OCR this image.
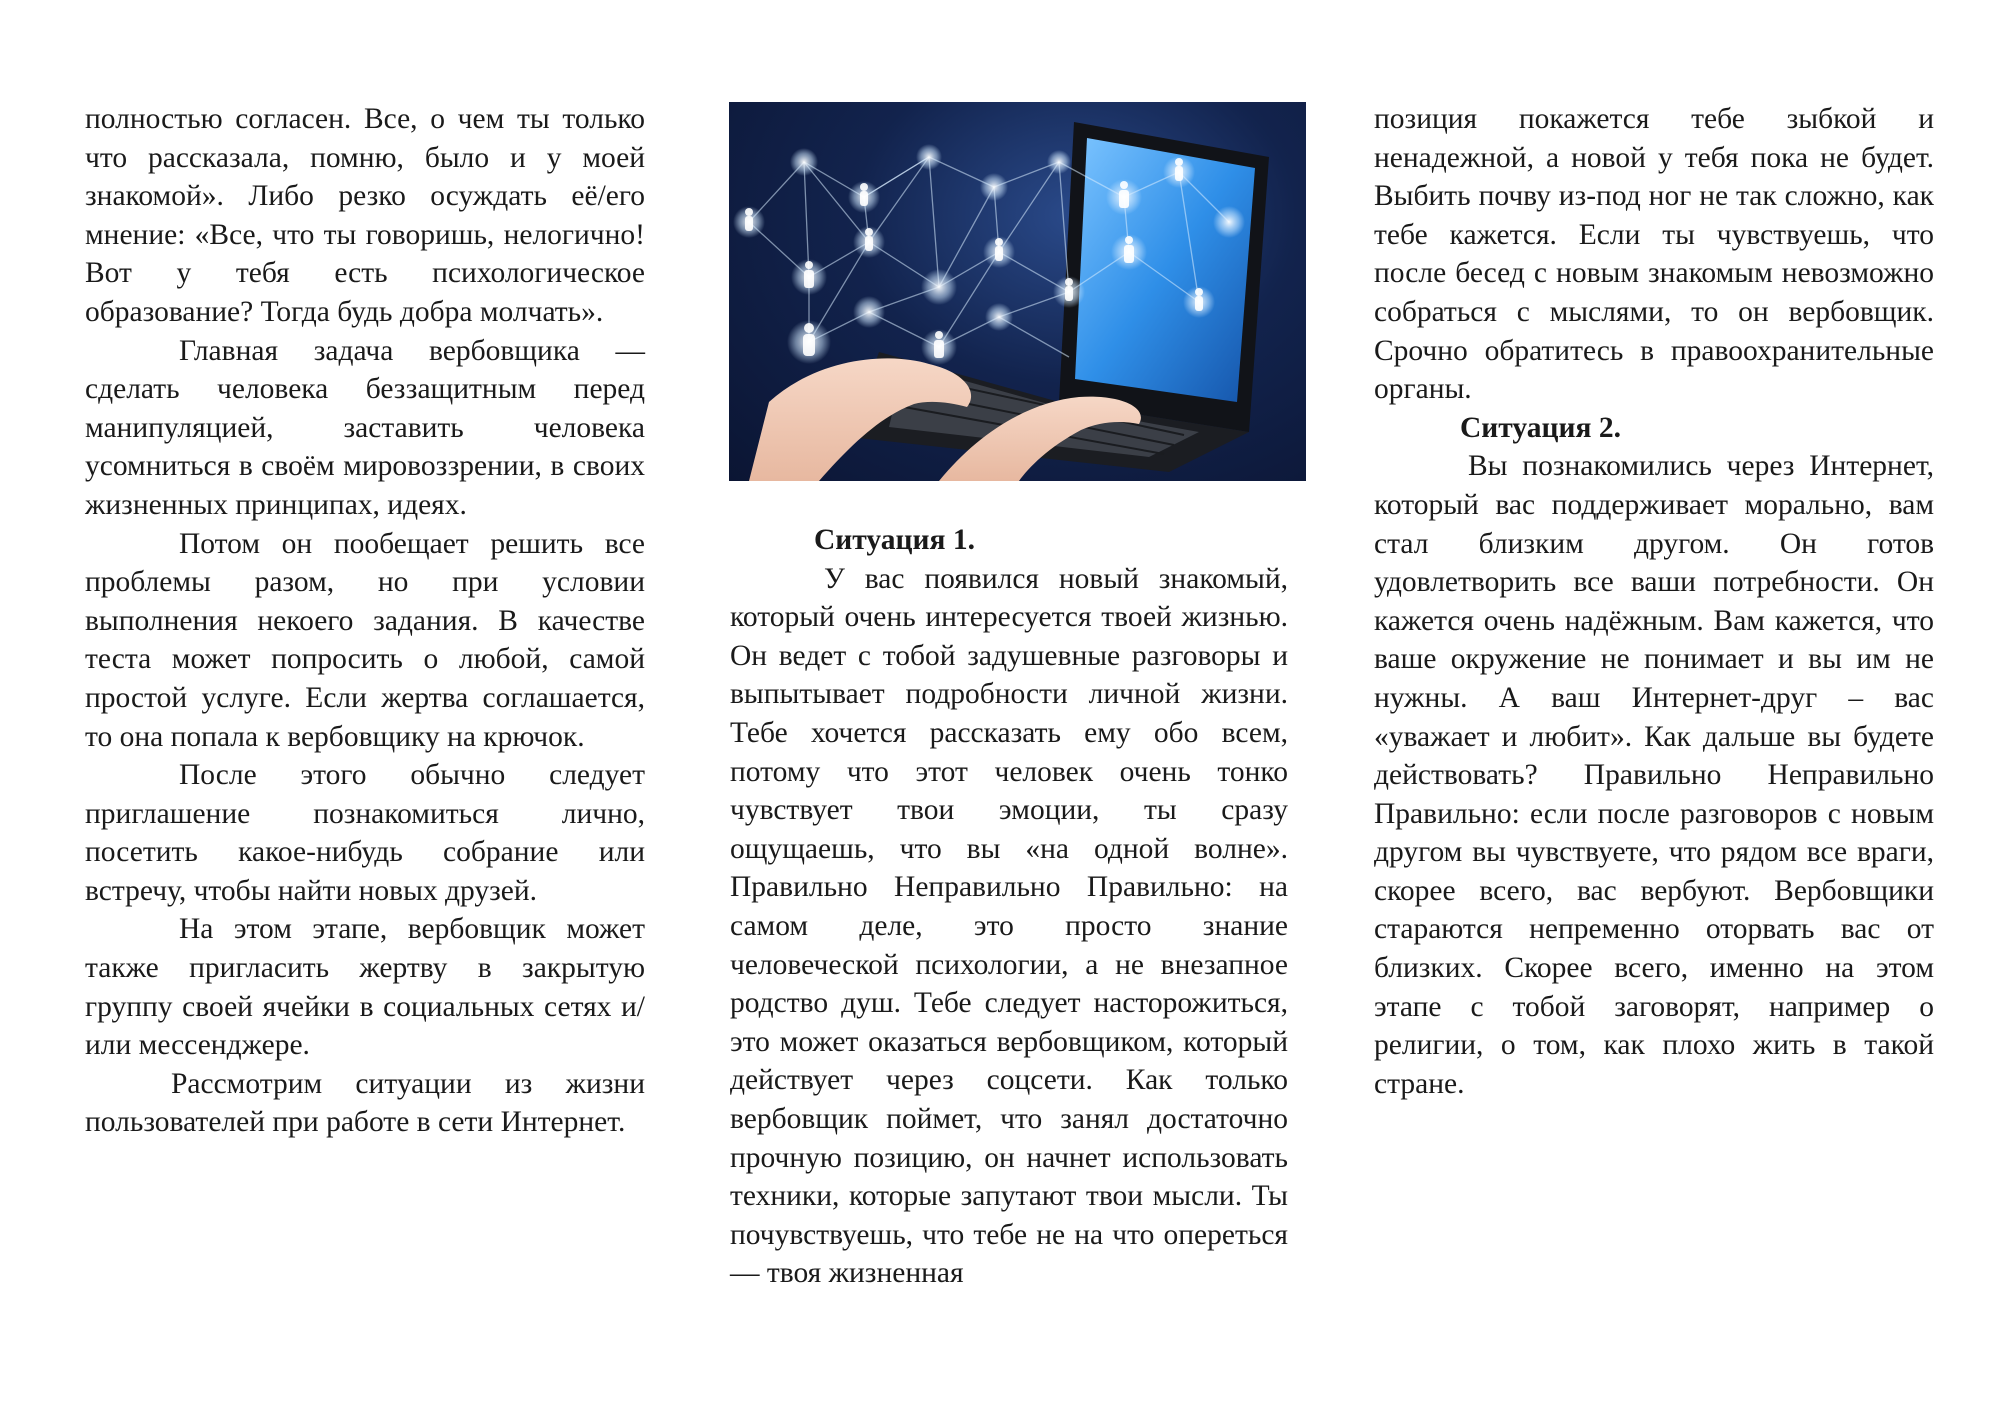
полностью согласен. Все, о чем ты только что рассказала, помню, было и у моей знакомой». Либо резко осуждать её/его мнение: «Все, что ты говоришь, нелогично! Вот у тебя есть психологическое образование? Тогда будь добра молчать».

Главная задача вербовщика — сделать человека беззащитным перед манипуляцией, заставить человека усомниться в своём мировоззрении, в своих жизненных принципах, идеях.

Потом он пообещает решить все проблемы разом, но при условии выполнения некоего задания. В качестве теста может попросить о любой, самой простой услуге. Если жертва соглашается, то она попала к вербовщику на крючок.

После этого обычно следует приглашение познакомиться лично, посетить какое-нибудь собрание или встречу, чтобы найти новых друзей.

На этом этапе, вербовщик может также пригласить жертву в закрытую группу своей ячейки в социальных сетях и/или мессенджере.

Рассмотрим ситуации из жизни пользователей при работе в сети Интернет.

Ситуация 1.

У вас появился новый знакомый, который очень интересуется твоей жизнью. Он ведет с тобой задушевные разговоры и выпытывает подробности личной жизни. Тебе хочется рассказать ему обо всем, потому что этот человек очень тонко чувствует твои эмоции, ты сразу ощущаешь, что вы «на одной волне». Правильно Неправильно Правильно: на самом деле, это просто знание человеческой психологии, а не внезапное родство душ. Тебе следует насторожиться, это может оказаться вербовщиком, который действует через соцсети. Как только вербовщик поймет, что занял достаточно прочную позицию, он начнет использовать техники, которые запутают твои мысли. Ты почувствуешь, что тебе не на что опереться — твоя жизненная

позиция покажется тебе зыбкой и ненадежной, а новой у тебя пока не будет. Выбить почву из-под ног не так сложно, как тебе кажется. Если ты чувствуешь, что после бесед с новым знакомым невозможно собраться с мыслями, то он вербовщик. Срочно обратитесь в правоохранительные органы.

Ситуация 2.

Вы познакомились через Интернет, который вас поддерживает морально, вам стал близким другом. Он готов удовлетворить все ваши потребности. Он кажется очень надёжным. Вам кажется, что ваше окружение не понимает и вы им не нужны. А ваш Интернет-друг – вас «уважает и любит». Как дальше вы будете действовать? Правильно Неправильно Правильно: если после разговоров с новым другом вы чувствуете, что рядом все враги, скорее всего, вас вербуют. Вербовщики стараются непременно оторвать вас от близких. Скорее всего, именно на этом этапе с тобой заговорят, например о религии, о том, как плохо жить в такой стране.
